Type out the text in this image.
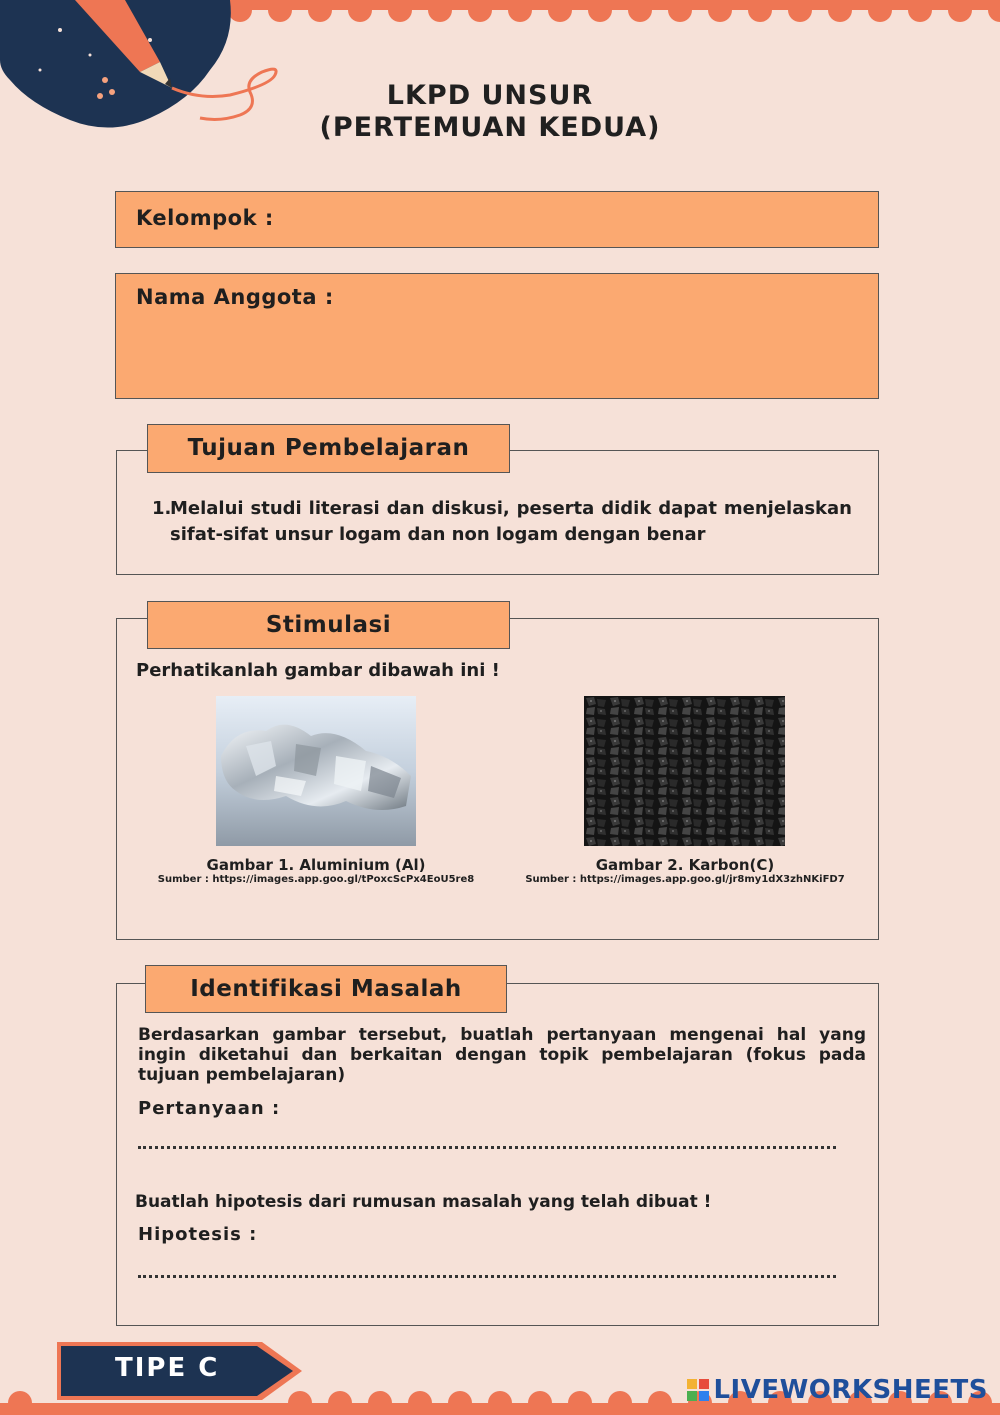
LKPD UNSUR
(PERTEMUAN KEDUA)
Kelompok :
Nama Anggota :
Tujuan Pembelajaran
1.
Melalui studi literasi dan diskusi, peserta didik dapat menjelaskan sifat-sifat unsur logam dan non logam dengan benar
Stimulasi
Perhatikanlah gambar dibawah ini !
Gambar 1. Aluminium (Al)
Sumber : https://images.app.goo.gl/tPoxcScPx4EoU5re8
Gambar 2. Karbon(C)
Sumber : https://images.app.goo.gl/jr8my1dX3zhNKiFD7
Identifikasi Masalah
Berdasarkan gambar tersebut, buatlah pertanyaan mengenai hal yang ingin diketahui dan berkaitan dengan topik pembelajaran (fokus pada tujuan pembelajaran)
Pertanyaan :
Buatlah hipotesis dari rumusan masalah yang telah dibuat !
Hipotesis :
TIPE C
LIVEWORKSHEETS
